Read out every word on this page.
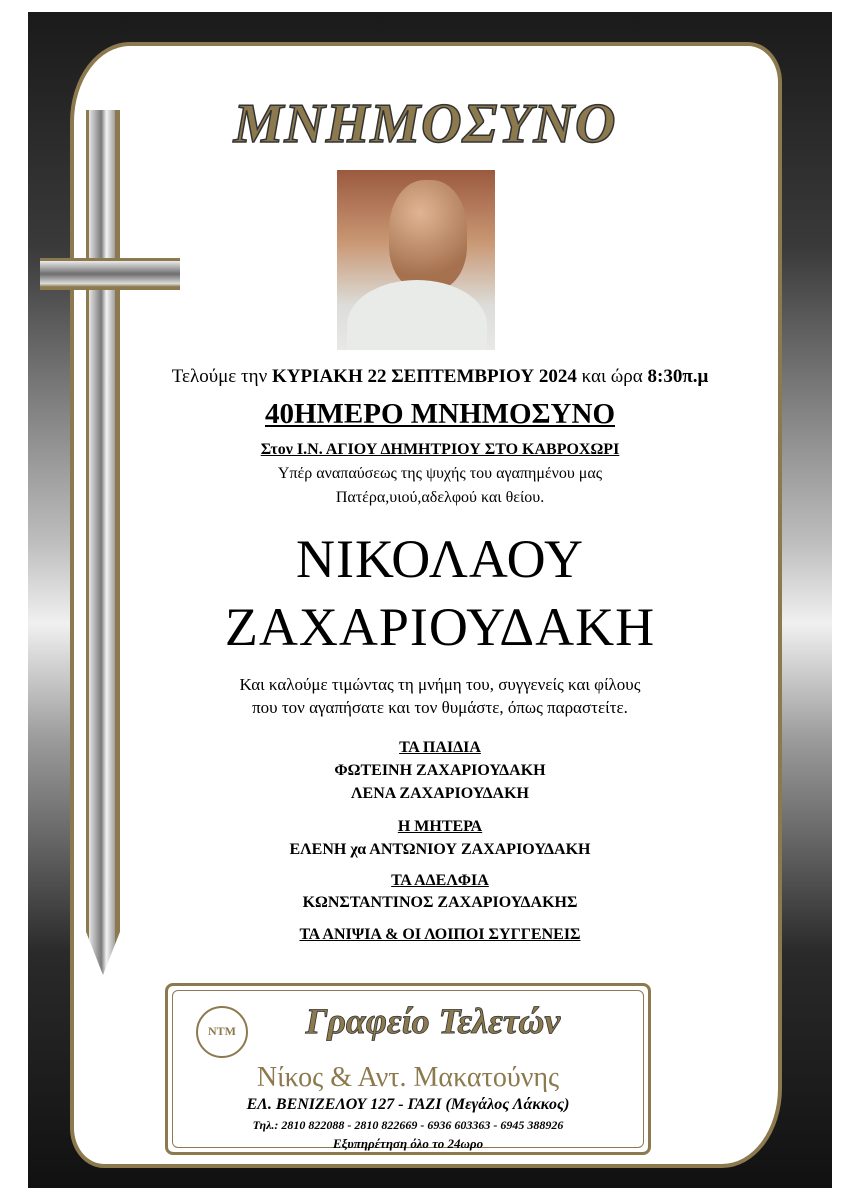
ΜΝΗΜΟΣΥΝΟ
Τελούμε την ΚΥΡΙΑΚΗ 22 ΣΕΠΤΕΜΒΡΙΟΥ 2024 και ώρα 8:30π.μ
40ΗΜΕΡΟ ΜΝΗΜΟΣΥΝΟ
Στον Ι.Ν. ΑΓΙΟΥ ΔΗΜΗΤΡΙΟΥ ΣΤΟ ΚΑΒΡΟΧΩΡΙ
Υπέρ αναπαύσεως της ψυχής του αγαπημένου μας
Πατέρα,υιού,αδελφού και θείου.
ΝΙΚΟΛΑΟΥ
ΖΑΧΑΡΙΟΥΔΑΚΗ
Και καλούμε τιμώντας τη μνήμη του, συγγενείς και φίλους
που τον αγαπήσατε και τον θυμάστε, όπως παραστείτε.
ΤΑ ΠΑΙΔΙΑ
ΦΩΤΕΙΝΗ ΖΑΧΑΡΙΟΥΔΑΚΗ
ΛΕΝΑ ΖΑΧΑΡΙΟΥΔΑΚΗ
Η ΜΗΤΕΡΑ
ΕΛΕΝΗ χα ΑΝΤΩΝΙΟΥ ΖΑΧΑΡΙΟΥΔΑΚΗ
ΤΑ ΑΔΕΛΦΙΑ
ΚΩΝΣΤΑΝΤΙΝΟΣ ΖΑΧΑΡΙΟΥΔΑΚΗΣ
ΤΑ ΑΝΙΨΙΑ & ΟΙ ΛΟΙΠΟΙ ΣΥΓΓΕΝΕΙΣ
ΝΤΜ	Γραφείο Τελετών
Νίκος & Αντ. Μακατούνης
ΕΛ. ΒΕΝΙΖΕΛΟΥ 127 - ΓΑΖΙ (Μεγάλος Λάκκος)
Τηλ.: 2810 822088 - 2810 822669 - 6936 603363 - 6945 388926
Εξυπηρέτηση όλο το 24ωρο
